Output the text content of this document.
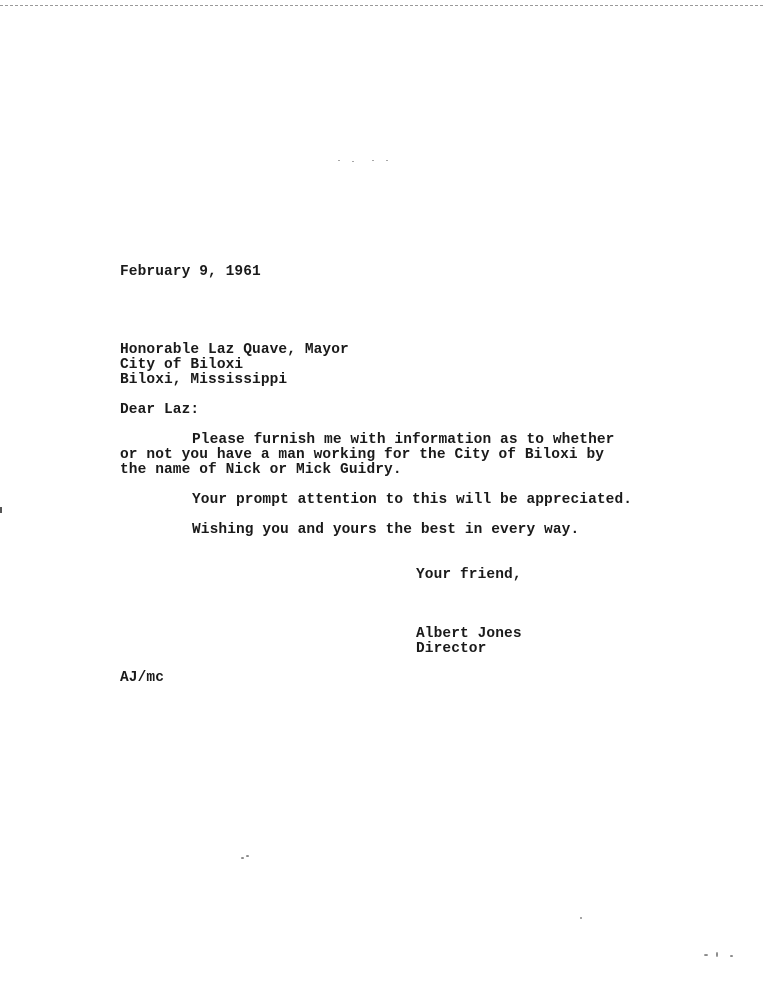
February 9, 1961
Honorable Laz Quave, Mayor
City of Biloxi
Biloxi, Mississippi
Dear Laz:
Please furnish me with information as to whether
or not you have a man working for the City of Biloxi by
the name of Nick or Mick Guidry.
Your prompt attention to this will be appreciated.
Wishing you and yours the best in every way.
Your friend,
Albert Jones
Director
AJ/mc
